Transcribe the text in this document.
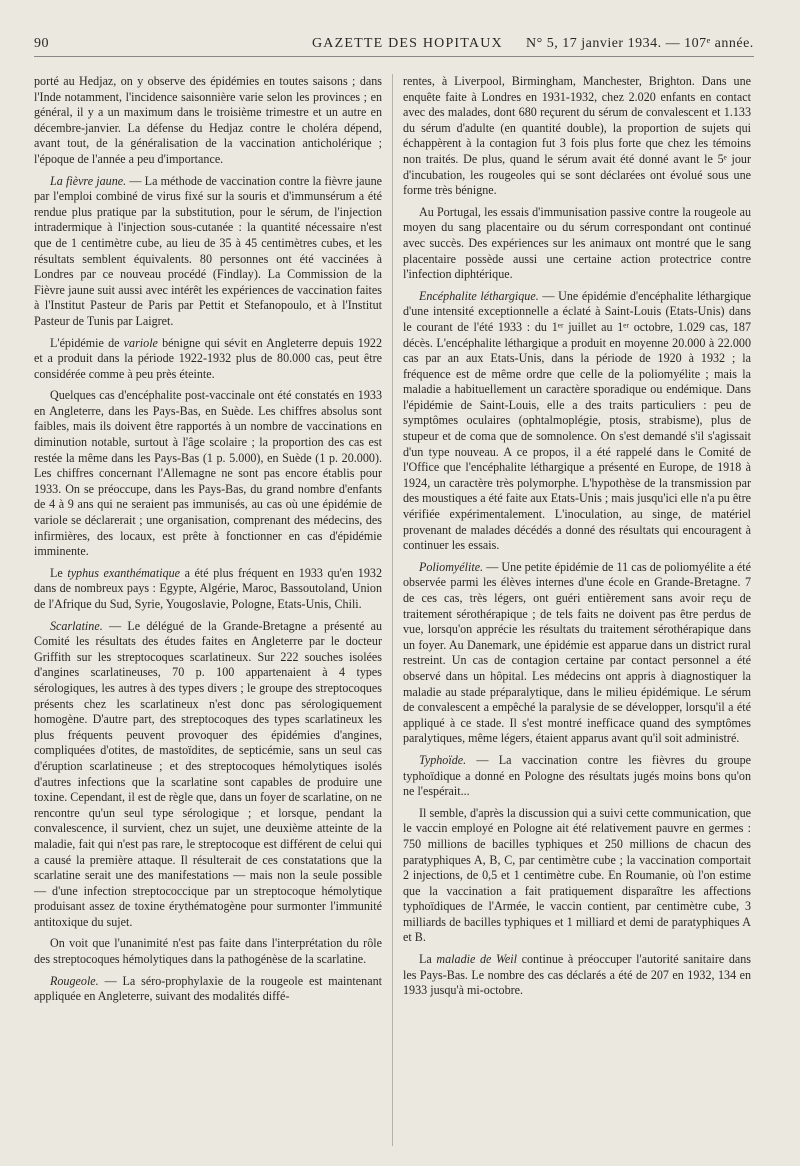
90	GAZETTE DES HOPITAUX N° 5, 17 janvier 1934. — 107ᵉ année.

porté au Hedjaz, on y observe des épidémies en toutes saisons ; dans l'Inde notamment, l'incidence saisonnière varie selon les provinces ; en général, il y a un maximum dans le troisième trimestre et un autre en décembre-janvier. La défense du Hedjaz contre le choléra dépend, avant tout, de la généralisation de la vaccination anticholérique ; l'époque de l'année a peu d'importance.

La fièvre jaune. — La méthode de vaccination contre la fièvre jaune par l'emploi combiné de virus fixé sur la souris et d'immunsérum a été rendue plus pratique par la substitution, pour le sérum, de l'injection intradermique à l'injection sous-cutanée : la quantité nécessaire n'est que de 1 centimètre cube, au lieu de 35 à 45 centimètres cubes, et les résultats semblent équivalents. 80 personnes ont été vaccinées à Londres par ce nouveau procédé (Findlay). La Commission de la Fièvre jaune suit aussi avec intérêt les expériences de vaccination faites à l'Institut Pasteur de Paris par Pettit et Stefanopoulo, et à l'Institut Pasteur de Tunis par Laigret.

L'épidémie de variole bénigne qui sévit en Angleterre depuis 1922 et a produit dans la période 1922-1932 plus de 80.000 cas, peut être considérée comme à peu près éteinte.

Quelques cas d'encéphalite post-vaccinale ont été constatés en 1933 en Angleterre, dans les Pays-Bas, en Suède. Les chiffres absolus sont faibles, mais ils doivent être rapportés à un nombre de vaccinations en diminution notable, surtout à l'âge scolaire ; la proportion des cas est restée la même dans les Pays-Bas (1 p. 5.000), en Suède (1 p. 20.000). Les chiffres concernant l'Allemagne ne sont pas encore établis pour 1933. On se préoccupe, dans les Pays-Bas, du grand nombre d'enfants de 4 à 9 ans qui ne seraient pas immunisés, au cas où une épidémie de variole se déclarerait ; une organisation, comprenant des médecins, des infirmières, des locaux, est prête à fonctionner en cas d'épidémie imminente.

Le typhus exanthématique a été plus fréquent en 1933 qu'en 1932 dans de nombreux pays : Egypte, Algérie, Maroc, Bassoutoland, Union de l'Afrique du Sud, Syrie, Yougoslavie, Pologne, Etats-Unis, Chili.

Scarlatine. — Le délégué de la Grande-Bretagne a présenté au Comité les résultats des études faites en Angleterre par le docteur Griffith sur les streptocoques scarlatineux. Sur 222 souches isolées d'angines scarlatineuses, 70 p. 100 appartenaient à 4 types sérologiques, les autres à des types divers ; le groupe des streptocoques présents chez les scarlatineux n'est donc pas sérologiquement homogène. D'autre part, des streptocoques des types scarlatineux les plus fréquents peuvent provoquer des épidémies d'angines, compliquées d'otites, de mastoïdites, de septicémie, sans un seul cas d'éruption scarlatineuse ; et des streptocoques hémolytiques isolés d'autres infections que la scarlatine sont capables de produire une toxine. Cependant, il est de règle que, dans un foyer de scarlatine, on ne rencontre qu'un seul type sérologique ; et lorsque, pendant la convalescence, il survient, chez un sujet, une deuxième atteinte de la maladie, fait qui n'est pas rare, le streptocoque est différent de celui qui a causé la première attaque. Il résulterait de ces constatations que la scarlatine serait une des manifestations — mais non la seule possible — d'une infection streptococcique par un streptocoque hémolytique produisant assez de toxine érythématogène pour surmonter l'immunité antitoxique du sujet.

On voit que l'unanimité n'est pas faite dans l'interprétation du rôle des streptocoques hémolytiques dans la pathogénèse de la scarlatine.

Rougeole. — La séro-prophylaxie de la rougeole est maintenant appliquée en Angleterre, suivant des modalités diffé-

rentes, à Liverpool, Birmingham, Manchester, Brighton. Dans une enquête faite à Londres en 1931-1932, chez 2.020 enfants en contact avec des malades, dont 680 reçurent du sérum de convalescent et 1.133 du sérum d'adulte (en quantité double), la proportion de sujets qui échappèrent à la contagion fut 3 fois plus forte que chez les témoins non traités. De plus, quand le sérum avait été donné avant le 5ᵉ jour d'incubation, les rougeoles qui se sont déclarées ont évolué sous une forme très bénigne.

Au Portugal, les essais d'immunisation passive contre la rougeole au moyen du sang placentaire ou du sérum correspondant ont continué avec succès. Des expériences sur les animaux ont montré que le sang placentaire possède aussi une certaine action protectrice contre l'infection diphtérique.

Encéphalite léthargique. — Une épidémie d'encéphalite léthargique d'une intensité exceptionnelle a éclaté à Saint-Louis (Etats-Unis) dans le courant de l'été 1933 : du 1ᵉʳ juillet au 1ᵉʳ octobre, 1.029 cas, 187 décès. L'encéphalite léthargique a produit en moyenne 20.000 à 22.000 cas par an aux Etats-Unis, dans la période de 1920 à 1932 ; la fréquence est de même ordre que celle de la poliomyélite ; mais la maladie a habituellement un caractère sporadique ou endémique. Dans l'épidémie de Saint-Louis, elle a des traits particuliers : peu de symptômes oculaires (ophtalmoplégie, ptosis, strabisme), plus de stupeur et de coma que de somnolence. On s'est demandé s'il s'agissait d'un type nouveau. A ce propos, il a été rappelé dans le Comité de l'Office que l'encéphalite léthargique a présenté en Europe, de 1918 à 1924, un caractère très polymorphe. L'hypothèse de la transmission par des moustiques a été faite aux Etats-Unis ; mais jusqu'ici elle n'a pu être vérifiée expérimentalement. L'inoculation, au singe, de matériel provenant de malades décédés a donné des résultats qui encouragent à continuer les essais.

Poliomyélite. — Une petite épidémie de 11 cas de poliomyélite a été observée parmi les élèves internes d'une école en Grande-Bretagne. 7 de ces cas, très légers, ont guéri entièrement sans avoir reçu de traitement sérothérapique ; de tels faits ne doivent pas être perdus de vue, lorsqu'on apprécie les résultats du traitement sérothérapique dans un foyer. Au Danemark, une épidémie est apparue dans un district rural restreint. Un cas de contagion certaine par contact personnel a été observé dans un hôpital. Les médecins ont appris à diagnostiquer la maladie au stade préparalytique, dans le milieu épidémique. Le sérum de convalescent a empêché la paralysie de se développer, lorsqu'il a été appliqué à ce stade. Il s'est montré inefficace quand des symptômes paralytiques, même légers, étaient apparus avant qu'il soit administré.

Typhoïde. — La vaccination contre les fièvres du groupe typhoïdique a donné en Pologne des résultats jugés moins bons qu'on ne l'espérait...

Il semble, d'après la discussion qui a suivi cette communication, que le vaccin employé en Pologne ait été relativement pauvre en germes : 750 millions de bacilles typhiques et 250 millions de chacun des paratyphiques A, B, C, par centimètre cube ; la vaccination comportait 2 injections, de 0,5 et 1 centimètre cube. En Roumanie, où l'on estime que la vaccination a fait pratiquement disparaître les affections typhoïdiques de l'Armée, le vaccin contient, par centimètre cube, 3 milliards de bacilles typhiques et 1 milliard et demi de paratyphiques A et B.

La maladie de Weil continue à préoccuper l'autorité sanitaire dans les Pays-Bas. Le nombre des cas déclarés a été de 207 en 1932, 134 en 1933 jusqu'à mi-octobre.
